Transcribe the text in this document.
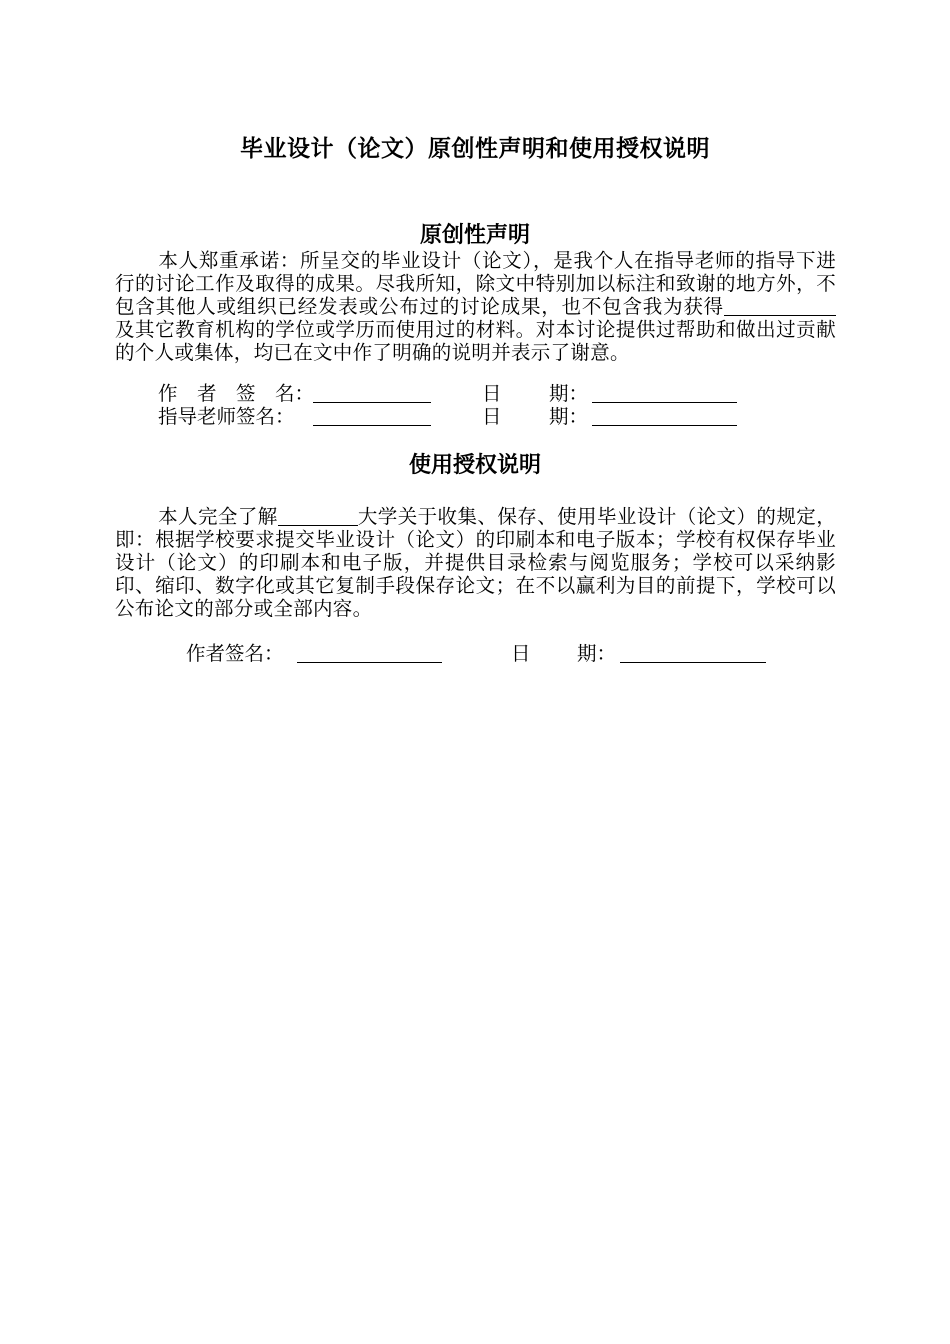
毕业设计（论文）原创性声明和使用授权说明
原创性声明
本人郑重承诺：所呈交的毕业设计（论文），是我个人在指导老师的指导下进行的讨论工作及取得的成果。尽我所知，除文中特别加以标注和致谢的地方外，不包含其他人或组织已经发表或公布过的讨论成果，也不包含我为获得及其它教育机构的学位或学历而使用过的材料。对本讨论提供过帮助和做出过贡献的个人或集体，均已在文中作了明确的说明并表示了谢意。
作　者　签　名：	日 期：
指导老师签名：	日 期：
使用授权说明
本人完全了解	大学关于收集、保存、使用毕业设计（论文）的规定，即：根据学校要求提交毕业设计（论文）的印刷本和电子版本；学校有权保存毕业设计（论文）的印刷本和电子版，并提供目录检索与阅览服务；学校可以采纳影印、缩印、数字化或其它复制手段保存论文；在不以赢利为目的前提下，学校可以公布论文的部分或全部内容。
作者签名：	日 期：
